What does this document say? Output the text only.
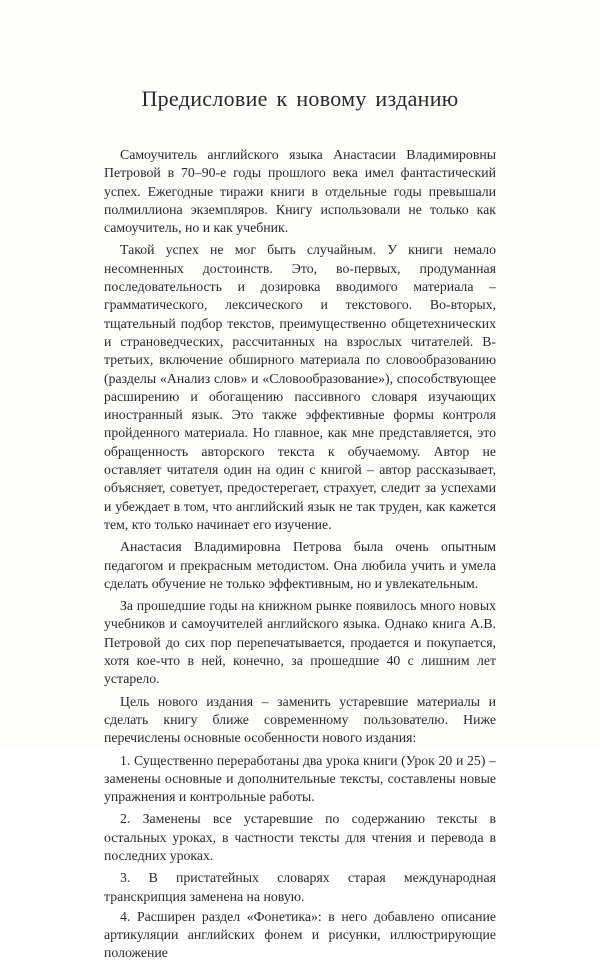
Предисловие к новому изданию

Самоучитель английского языка Анастасии Владимировны Петровой в 70–90-е годы прошлого века имел фантастический успех. Ежегодные тиражи книги в отдельные годы превышали полмиллиона экземпляров. Книгу использовали не только как самоучитель, но и как учебник.

Такой успех не мог быть случайным. У книги немало несомненных достоинств. Это, во-первых, продуманная последовательность и дозировка вводимого материала – грамматического, лексического и текстового. Во-вторых, тщательный подбор текстов, преимущественно общетехнических и страноведческих, рассчитанных на взрослых читателей. В-третьих, включение обширного материала по словообразованию (разделы «Анализ слов» и «Словообразование»), способствующее расширению и обогащению пассивного словаря изучающих иностранный язык. Это также эффективные формы контроля пройденного материала. Но главное, как мне представляется, это обращенность авторского текста к обучаемому. Автор не оставляет читателя один на один с книгой – автор рассказывает, объясняет, советует, предостерегает, страхует, следит за успехами и убеждает в том, что английский язык не так труден, как кажется тем, кто только начинает его изучение.

Анастасия Владимировна Петрова была очень опытным педагогом и прекрасным методистом. Она любила учить и умела сделать обучение не только эффективным, но и увлекательным.

За прошедшие годы на книжном рынке появилось много новых учебников и самоучителей английского языка. Однако книга А.В. Петровой до сих пор перепечатывается, продается и покупается, хотя кое-что в ней, конечно, за прошедшие 40 с лишним лет устарело.

Цель нового издания – заменить устаревшие материалы и сделать книгу ближе современному пользователю. Ниже перечислены основные особенности нового издания:

1. Существенно переработаны два урока книги (Урок 20 и 25) – заменены основные и дополнительные тексты, составлены новые упражнения и контрольные работы.

2. Заменены все устаревшие по содержанию тексты в остальных уроках, в частности тексты для чтения и перевода в последних уроках.

3. В пристатейных словарях старая международная транскрипция заменена на новую.

4. Расширен раздел «Фонетика»: в него добавлено описание артикуляции английских фонем и рисунки, иллюстрирующие положение
